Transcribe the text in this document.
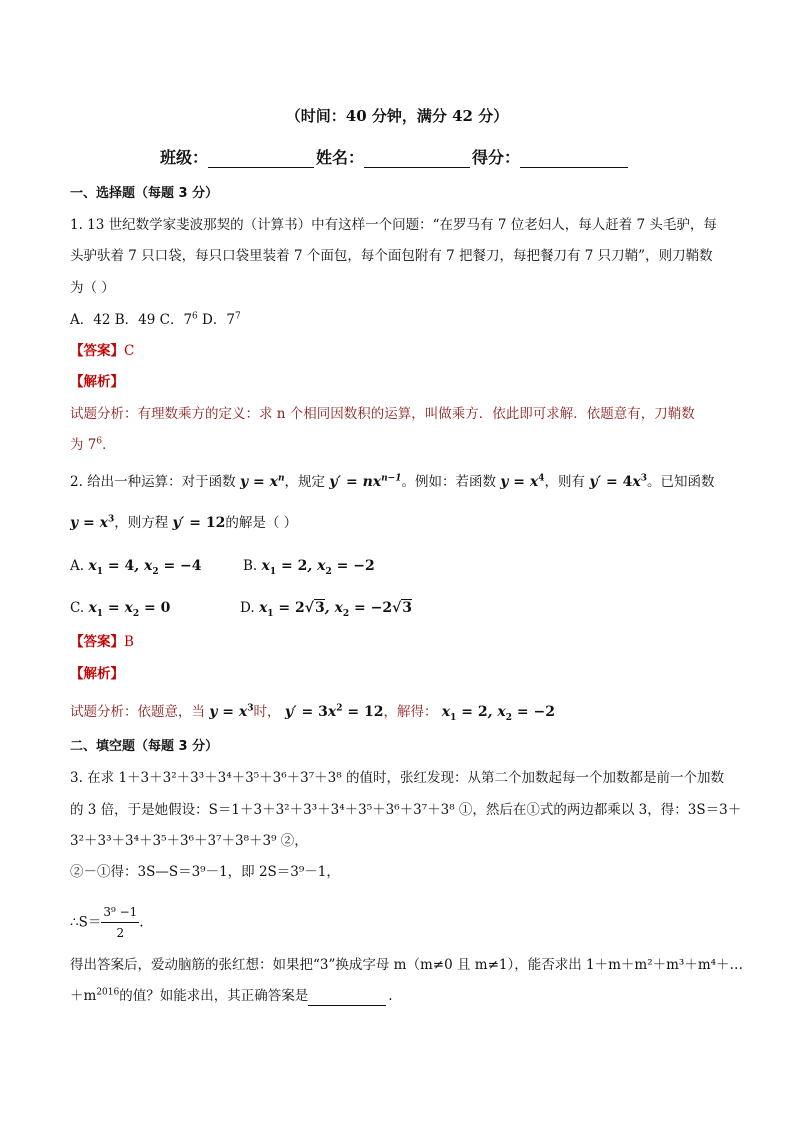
（时间：40 分钟，满分 42 分）
班级：	姓名：	得分：
一、选择题（每题 3 分）
1. 13 世纪数学家斐波那契的（计算书）中有这样一个问题：“在罗马有 7 位老妇人，每人赶着 7 头毛驴，每
头驴驮着 7 只口袋，每只口袋里装着 7 个面包，每个面包附有 7 把餐刀，每把餐刀有 7 只刀鞘”，则刀鞘数
为（ ）
A．42 B．49 C．$7^6$ D．$7^7$
【答案】C
【解析】
试题分析：有理数乘方的定义：求 n 个相同因数积的运算，叫做乘方．依此即可求解．依题意有，刀鞘数
为 $7^6$．
2. 给出一种运算：对于函数 $y = x^n$，规定 $y' = nx^{n-1}$。例如：若函数 $y = x^4$，则有 $y' = 4x^3$。已知函数
$y = x^3$，则方程 y′ = 12的解是（ ）
A. $x_1 = 4$, $x_2 = -4$	B. $x_1 = 2$, $x_2 = -2$
C. $x_1 = x_2 = 0$	D. $x_1 = 2√3$, $x_2 = -2√3$
【答案】B
【解析】
试题分析：依题意，当 $y = x^3$时， $y' = 3x^2 = 12$，解得： $x_1 = 2$, $x_2 = -2$
二、填空题（每题 3 分）
3. 在求 1＋3＋3²＋3³＋3⁴＋3⁵＋3⁶＋3⁷＋3⁸ 的值时，张红发现：从第二个加数起每一个加数都是前一个加数
的 3 倍，于是她假设：S＝1＋3＋3²＋3³＋3⁴＋3⁵＋3⁶＋3⁷＋3⁸ ①，然后在①式的两边都乘以 3，得：3S＝3＋
3²＋3³＋3⁴＋3⁵＋3⁶＋3⁷＋3⁸＋3⁹ ②，
②－①得：3S—S＝3⁹－1，即 2S＝3⁹－1，
∴S＝ $\frac{\text{3⁹ −1}}{2}$ .
得出答案后，爱动脑筋的张红想：如果把“3”换成字母 m（m≠0 且 m≠1），能否求出 1＋m＋m²＋m³＋m⁴＋…
$+m^{2016}$的值？如能求出，其正确答案是	.
